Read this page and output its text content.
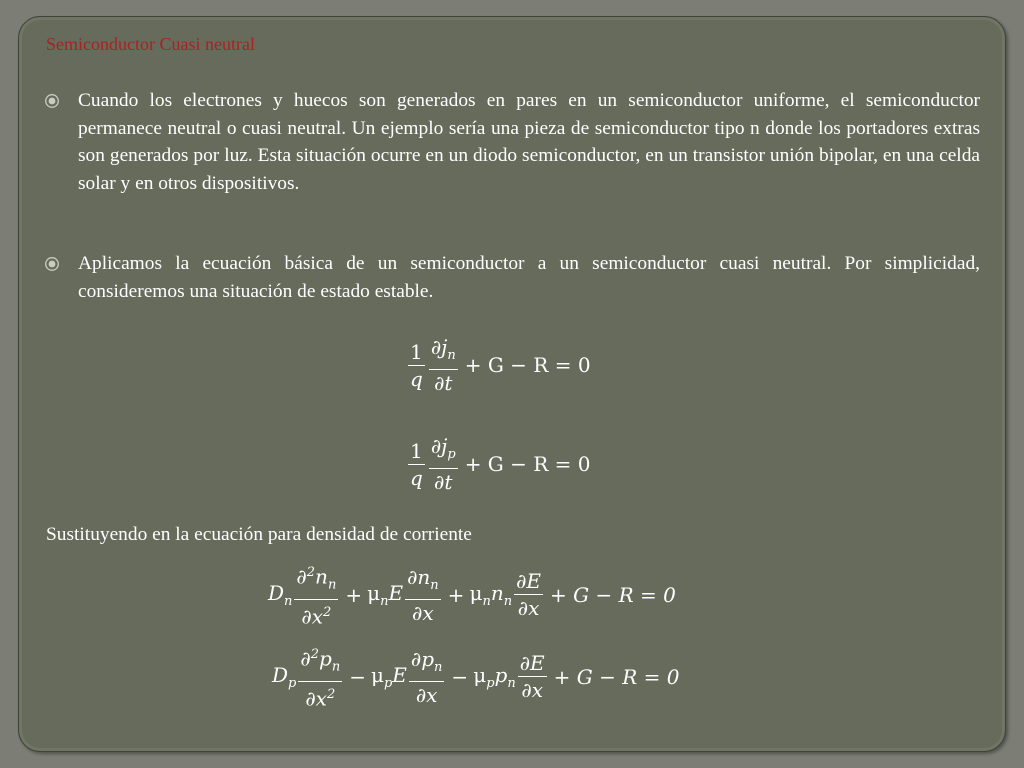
Semiconductor Cuasi neutral
Cuando los electrones y huecos son generados en pares en un semiconductor uniforme, el semiconductor permanece neutral o cuasi neutral. Un ejemplo sería una pieza de semiconductor tipo n donde los portadores extras son generados por luz. Esta situación ocurre en un diodo semiconductor, en un transistor unión bipolar, en una celda solar y en otros dispositivos.
Aplicamos la ecuación básica de un semiconductor a un semiconductor cuasi neutral. Por simplicidad, consideremos una situación de estado estable.
$\frac{1}{q} \frac{\partial j_n}{\partial t} + G - R = 0$
$\frac{1}{q} \frac{\partial j_p}{\partial t} + G - R = 0$
Sustituyendo en la ecuación para densidad de corriente
$D_n \frac{\partial^2n_n}{\partial x^2} + \mu_nE \frac{\partial n_n}{\partial x} + \mu_nn_n \frac{\partial E}{\partial x} + G - R = 0$
$D_p \frac{\partial^2p_n}{\partial x^2} - \mu_pE \frac{\partial p_n}{\partial x} - \mu_pp_n \frac{\partial E}{\partial x} + G - R = 0$
